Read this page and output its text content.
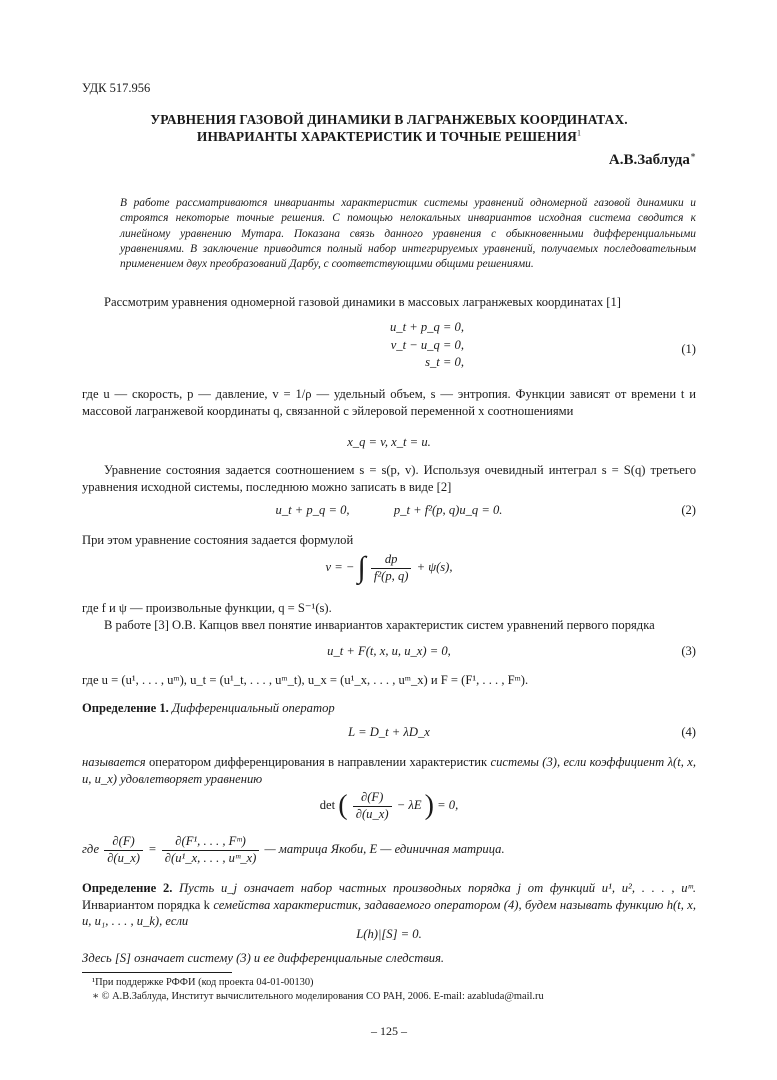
УДК 517.956
УРАВНЕНИЯ ГАЗОВОЙ ДИНАМИКИ В ЛАГРАНЖЕВЫХ КООРДИНАТАХ.
ИНВАРИАНТЫ ХАРАКТЕРИСТИК И ТОЧНЫЕ РЕШЕНИЯ$^1$
А.В.Заблуда∗
В работе рассматриваются инварианты характеристик системы уравнений одномерной газовой динамики и строятся некоторые точные решения. С помощью нелокальных инвариантов исходная система сводится к линейному уравнению Мутара. Показана связь данного уравнения с обыкновенными дифференциальными уравнениями. В заключение приводится полный набор интегрируемых уравнений, получаемых последовательным применением двух преобразований Дарбу, с соответствующими общими решениями.

Рассмотрим уравнения одномерной газовой динамики в массовых лагранжевых координатах [1]

u_t + p_q = 0,
v_t − u_q = 0,
s_t = 0,
(1)

где u — скорость, p — давление, v = 1/ρ — удельный объем, s — энтропия. Функции зависят от времени t и массовой лагранжевой координаты q, связанной с эйлеровой переменной x соотношениями

x_q = v, x_t = u.

Уравнение состояния задается соотношением s = s(p, v). Используя очевидный интеграл s = S(q) третьего уравнения исходной системы, последнюю можно записать в виде [2]

u_t + p_q = 0,	p_t + f²(p, q)u_q = 0.	(2)

При этом уравнение состояния задается формулой

v = − ∫ $\frac{dp}{\text{f²(p, q)}} + \psi(s)$,

где f и ψ — произвольные функции, q = S⁻¹(s).

В работе [3] О.В. Капцов ввел понятие инвариантов характеристик систем уравнений первого порядка

u_t + F(t, x, u, u_x) = 0,	(3)

где u = (u¹, . . . , uᵐ), u_t = (u¹_t, . . . , uᵐ_t), u_x = (u¹_x, . . . , uᵐ_x) и F = (F¹, . . . , Fᵐ).

Определение 1. Дифференциальный оператор

L = D_t + λD_x	(4)

называется оператором дифференцирования в направлении характеристик системы (3), если коэффициент λ(t, x, u, u_x) удовлетворяет уравнению

det ( $\frac{\partial(F)}{\partial(u\_x)} - \lambda E$ ) = 0,
где $\frac{\partial(F)}{\partial(u\_x)} = \frac{\text{∂(F¹, . . . , Fᵐ)}}{\text{∂(u¹\_x, . . . , uᵐ\_x)}}$ — матрица Якоби, E — единичная матрица.

Определение 2. Пусть u_j означает набор частных производных порядка j от функций u¹, u², . . . , uᵐ. Инвариантом порядка k семейства характеристик, задаваемого оператором (4), будем называть функцию h(t, x, u, u₁, . . . , u_k), если

L(h)|[S] = 0.

Здесь [S] означает систему (3) и ее дифференциальные следствия.

¹При поддержке РФФИ (код проекта 04-01-00130)
∗ © А.В.Заблуда, Институт вычислительного моделирования СО РАН, 2006. E-mail: azabluda@mail.ru
– 125 –
